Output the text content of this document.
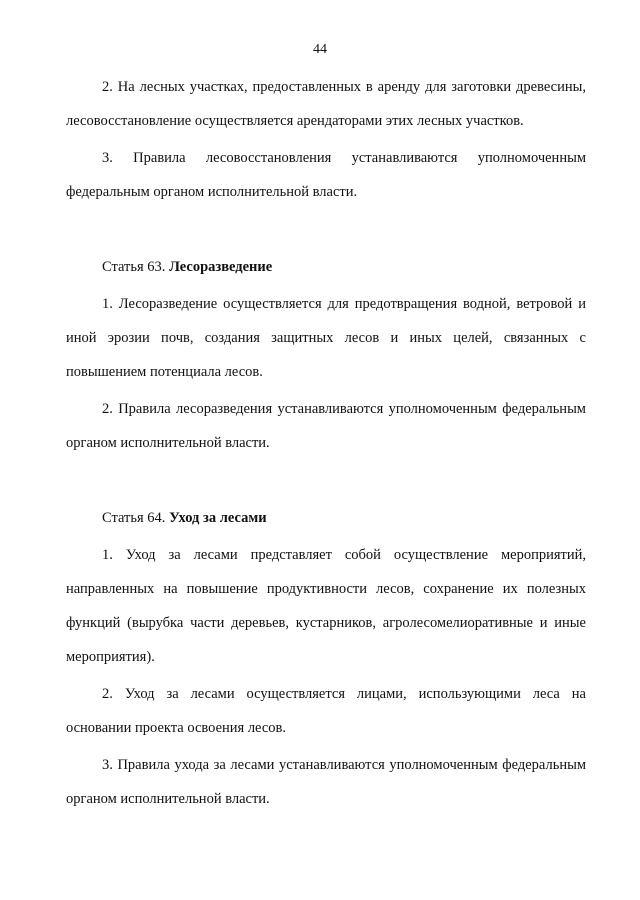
44

2. На лесных участках, предоставленных в аренду для заготовки древесины, лесовосстановление осуществляется арендаторами этих лесных участков.

3. Правила лесовосстановления устанавливаются уполномоченным федеральным органом исполнительной власти.

Статья 63. Лесоразведение

1. Лесоразведение осуществляется для предотвращения водной, ветровой и иной эрозии почв, создания защитных лесов и иных целей, связанных с повышением потенциала лесов.

2. Правила лесоразведения устанавливаются уполномоченным федеральным органом исполнительной власти.

Статья 64. Уход за лесами

1. Уход за лесами представляет собой осуществление мероприятий, направленных на повышение продуктивности лесов, сохранение их полезных функций (вырубка части деревьев, кустарников, агролесомелиоративные и иные мероприятия).

2. Уход за лесами осуществляется лицами, использующими леса на основании проекта освоения лесов.

3. Правила ухода за лесами устанавливаются уполномоченным федеральным органом исполнительной власти.
